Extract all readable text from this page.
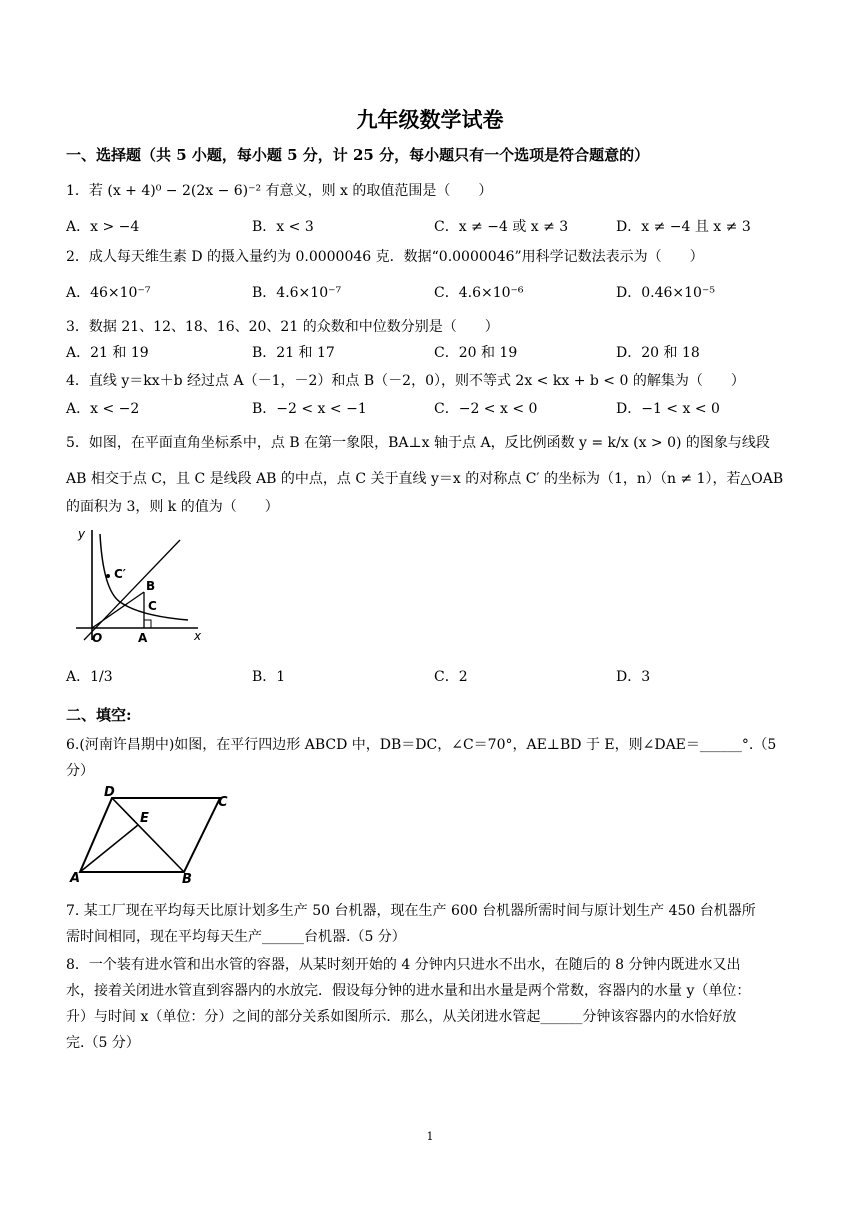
九年级数学试卷
一、选择题（共 5 小题，每小题 5 分，计 25 分，每小题只有一个选项是符合题意的）
1．若 (x + 4)⁰ − 2(2x − 6)⁻² 有意义，则 x 的取值范围是（　　）
A．x > −4	B．x < 3	C．x ≠ −4 或 x ≠ 3	D．x ≠ −4 且 x ≠ 3
2．成人每天维生素 D 的摄入量约为 0.0000046 克．数据“0.0000046”用科学记数法表示为（　　）
A．46×10⁻⁷	B．4.6×10⁻⁷	C．4.6×10⁻⁶	D．0.46×10⁻⁵
3．数据 21、12、18、16、20、21 的众数和中位数分别是（　　）
A．21 和 19	B．21 和 17	C．20 和 19	D．20 和 18
4．直线 y＝kx＋b 经过点 A（－1，－2）和点 B（－2，0），则不等式 2x < kx + b < 0 的解集为（　　）
A．x < −2	B．−2 < x < −1	C．−2 < x < 0	D．−1 < x < 0
5．如图，在平面直角坐标系中，点 B 在第一象限，BA⊥x 轴于点 A，反比例函数 y = k/x (x > 0) 的图象与线段
AB 相交于点 C，且 C 是线段 AB 的中点，点 C 关于直线 y＝x 的对称点 C′ 的坐标为（1，n）（n ≠ 1），若△OAB
的面积为 3，则 k 的值为（　　）
y
x
O	A
B
C
C′
A．1/3	B．1	C．2	D．3
二、填空:
6.(河南许昌期中)如图，在平行四边形 ABCD 中，DB＝DC，∠C＝70°，AE⊥BD 于 E，则∠DAE＝______°.（5
分）
D
C
E
A	B
7. 某工厂现在平均每天比原计划多生产 50 台机器，现在生产 600 台机器所需时间与原计划生产 450 台机器所
需时间相同，现在平均每天生产______台机器.（5 分）
8．一个装有进水管和出水管的容器，从某时刻开始的 4 分钟内只进水不出水，在随后的 8 分钟内既进水又出
水，接着关闭进水管直到容器内的水放完．假设每分钟的进水量和出水量是两个常数，容器内的水量 y（单位：
升）与时间 x（单位：分）之间的部分关系如图所示．那么，从关闭进水管起______分钟该容器内的水恰好放
完.（5 分）
1
